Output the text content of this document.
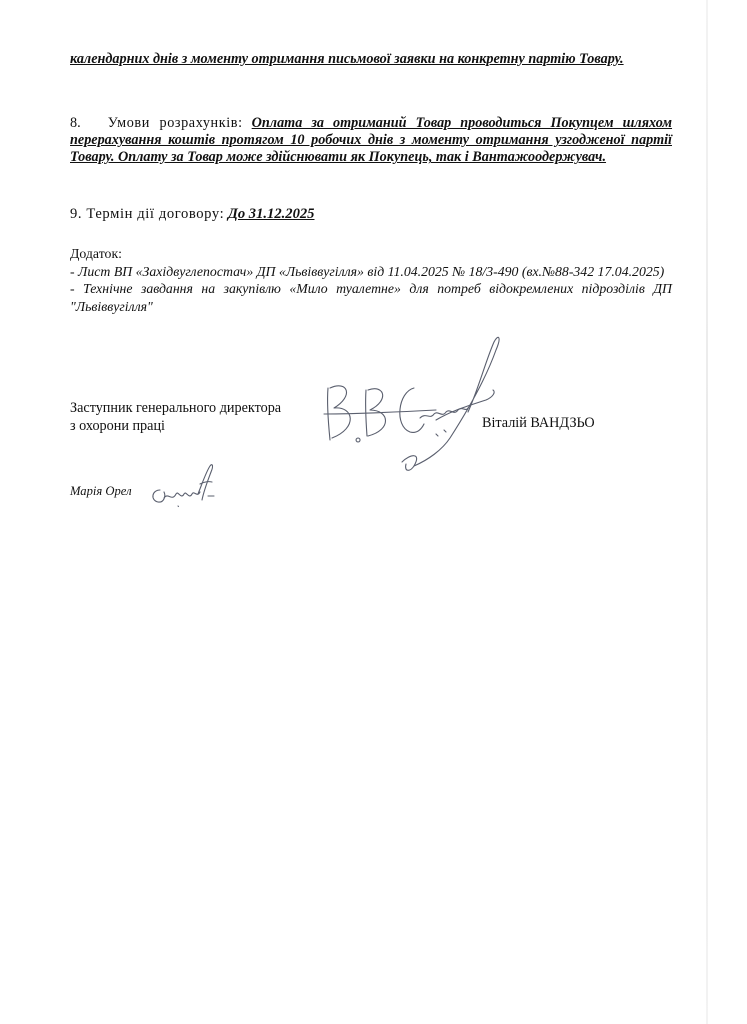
календарних днів з моменту отримання письмової заявки на конкретну партію Товару.

8. Умови розрахунків: Оплата за отриманий Товар проводиться Покупцем шляхом перерахування коштів протягом 10 робочих днів з моменту отримання узгодженої партії Товару. Оплату за Товар може здійснювати як Покупець, так і Вантажоодержувач.

9. Термін дії договору: До 31.12.2025

Додаток:
- Лист ВП «Західвуглепостач» ДП «Львіввугілля» від 11.04.2025 № 18/3-490 (вх.№88-342 17.04.2025)
- Технічне завдання на закупівлю «Мило туалетне» для потреб відокремлених підрозділів ДП "Львіввугілля"
Заступник генерального директора
з охорони праці	Віталій ВАНДЗЬО
Марія Орел
